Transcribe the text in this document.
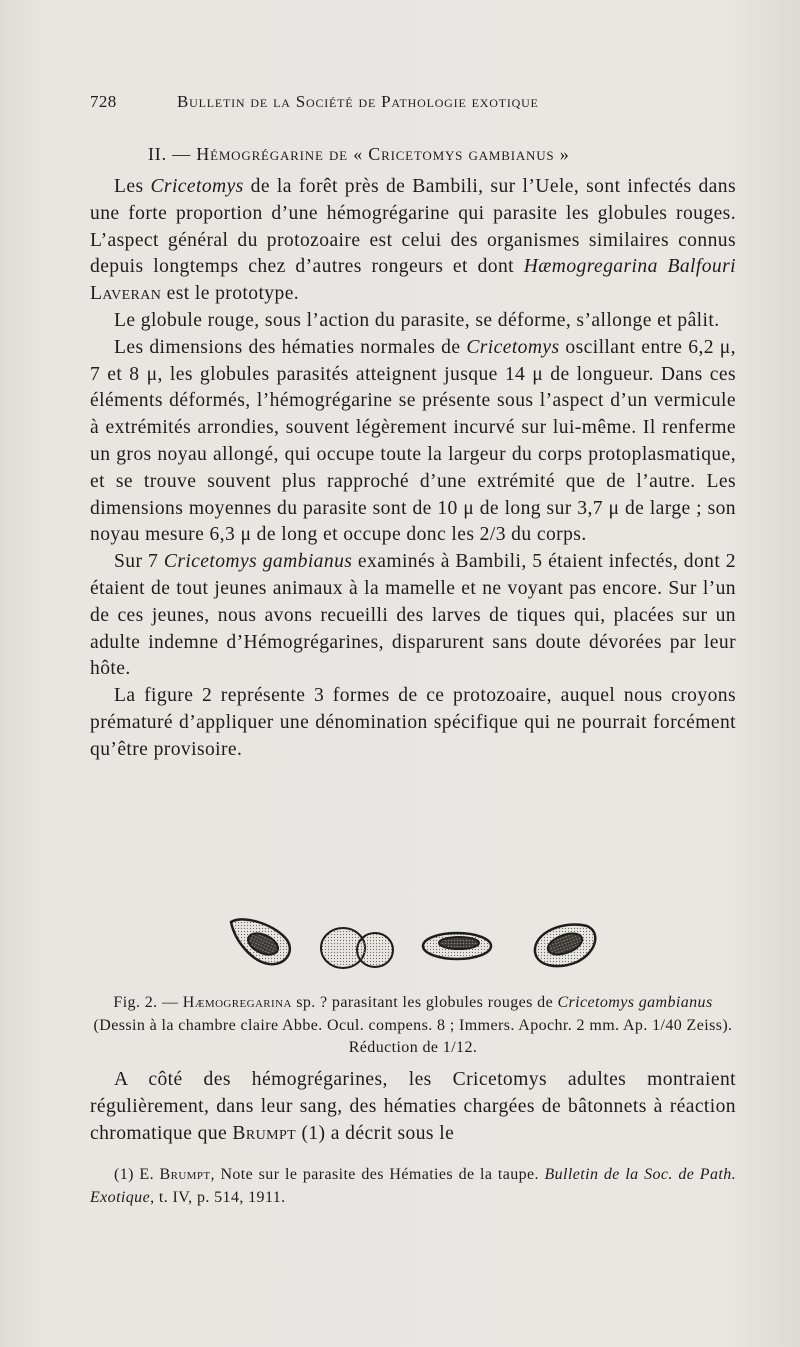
728	Bulletin de la Société de Pathologie exotique
II. — Hémogrégarine de « Cricetomys gambianus »

Les Cricetomys de la forêt près de Bambili, sur l’Uele, sont infectés dans une forte proportion d’une hémogrégarine qui parasite les globules rouges. L’aspect général du protozoaire est celui des organismes similaires connus depuis longtemps chez d’autres rongeurs et dont Hæmogregarina Balfouri Laveran est le prototype.

Le globule rouge, sous l’action du parasite, se déforme, s’allonge et pâlit.

Les dimensions des hématies normales de Cricetomys oscillant entre 6,2 μ, 7 et 8 μ, les globules parasités atteignent jusque 14 μ de longueur. Dans ces éléments déformés, l’hémogrégarine se présente sous l’aspect d’un vermicule à extrémités arrondies, souvent légèrement incurvé sur lui-même. Il renferme un gros noyau allongé, qui occupe toute la largeur du corps protoplasmatique, et se trouve souvent plus rapproché d’une extrémité que de l’autre. Les dimensions moyennes du parasite sont de 10 μ de long sur 3,7 μ de large ; son noyau mesure 6,3 μ de long et occupe donc les 2/3 du corps.

Sur 7 Cricetomys gambianus examinés à Bambili, 5 étaient infectés, dont 2 étaient de tout jeunes animaux à la mamelle et ne voyant pas encore. Sur l’un de ces jeunes, nous avons recueilli des larves de tiques qui, placées sur un adulte indemne d’Hémogrégarines, disparurent sans doute dévorées par leur hôte.

La figure 2 représente 3 formes de ce protozoaire, auquel nous croyons prématuré d’appliquer une dénomination spécifique qui ne pourrait forcément qu’être provisoire.

Fig. 2. — Hæmogregarina sp. ? parasitant les globules rouges de Cricetomys gambianus (Dessin à la chambre claire Abbe. Ocul. compens. 8 ; Immers. Apochr. 2 mm. Ap. 1/40 Zeiss). Réduction de 1/12.

A côté des hémogrégarines, les Cricetomys adultes montraient régulièrement, dans leur sang, des hématies chargées de bâtonnets à réaction chromatique que Brumpt (1) a décrit sous le

(1) E. Brumpt, Note sur le parasite des Hématies de la taupe. Bulletin de la Soc. de Path. Exotique, t. IV, p. 514, 1911.
